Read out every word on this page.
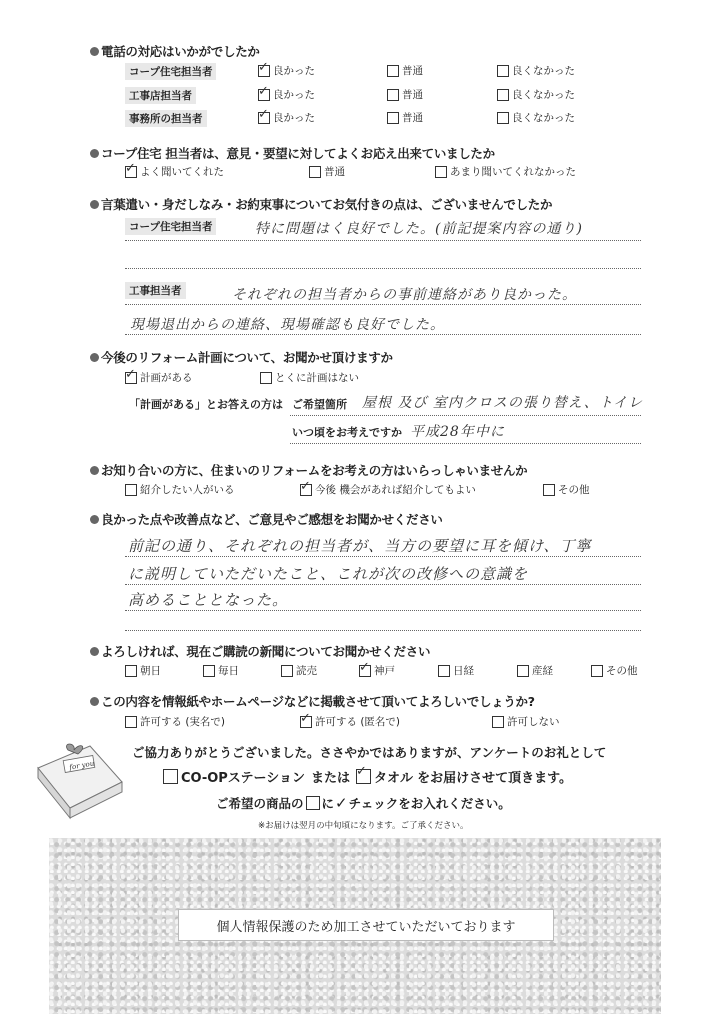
電話の対応はいかがでしたか
コープ住宅担当者 ✓	良かった	普通	良くなかった
工事店担当者 ✓	良かった	普通	良くなかった
事務所の担当者 ✓	良かった	普通	良くなかった
コープ住宅 担当者は、意見・要望に対してよくお応え出来ていましたか
✓
よく聞いてくれた	普通	あまり聞いてくれなかった
言葉遣い・身だしなみ・お約束事についてお気付きの点は、ございませんでしたか
コープ住宅担当者	特に問題はく良好でした。(前記提案内容の通り)
工事担当者	それぞれの担当者からの事前連絡があり良かった。
現場退出からの連絡、現場確認も良好でした。
今後のリフォーム計画について、お聞かせ頂けますか
✓
計画がある	とくに計画はない
「計画がある」とお答えの方は ご希望箇所 屋根 及び 室内クロスの張り替え、トイレ
いつ頃をお考えですか 平成28年中に
お知り合いの方に、住まいのリフォームをお考えの方はいらっしゃいませんか
紹介したい人がいる ✓	今後 機会があれば紹介してもよい	その他
良かった点や改善点など、ご意見やご感想をお聞かせください
前記の通り、それぞれの担当者が、当方の要望に耳を傾け、丁寧
に説明していただいたこと、これが次の改修への意識を
高めることとなった。
よろしければ、現在ご購読の新聞についてお聞かせください
朝日	毎日	読売 ✓	神戸	日経	産経	その他
この内容を情報紙やホームページなどに掲載させて頂いてよろしいでしょうか?
許可する (実名で) ✓	許可する (匿名で)	許可しない
for you
ご協力ありがとうございました。ささやかではありますが、アンケートのお礼として
CO-OPステーション または ✓ タオル をお届けさせて頂きます。
ご希望の商品の に ✓ チェックをお入れください。
※お届けは翌月の中旬頃になります。ご了承ください。
個人情報保護のため加工させていただいております
